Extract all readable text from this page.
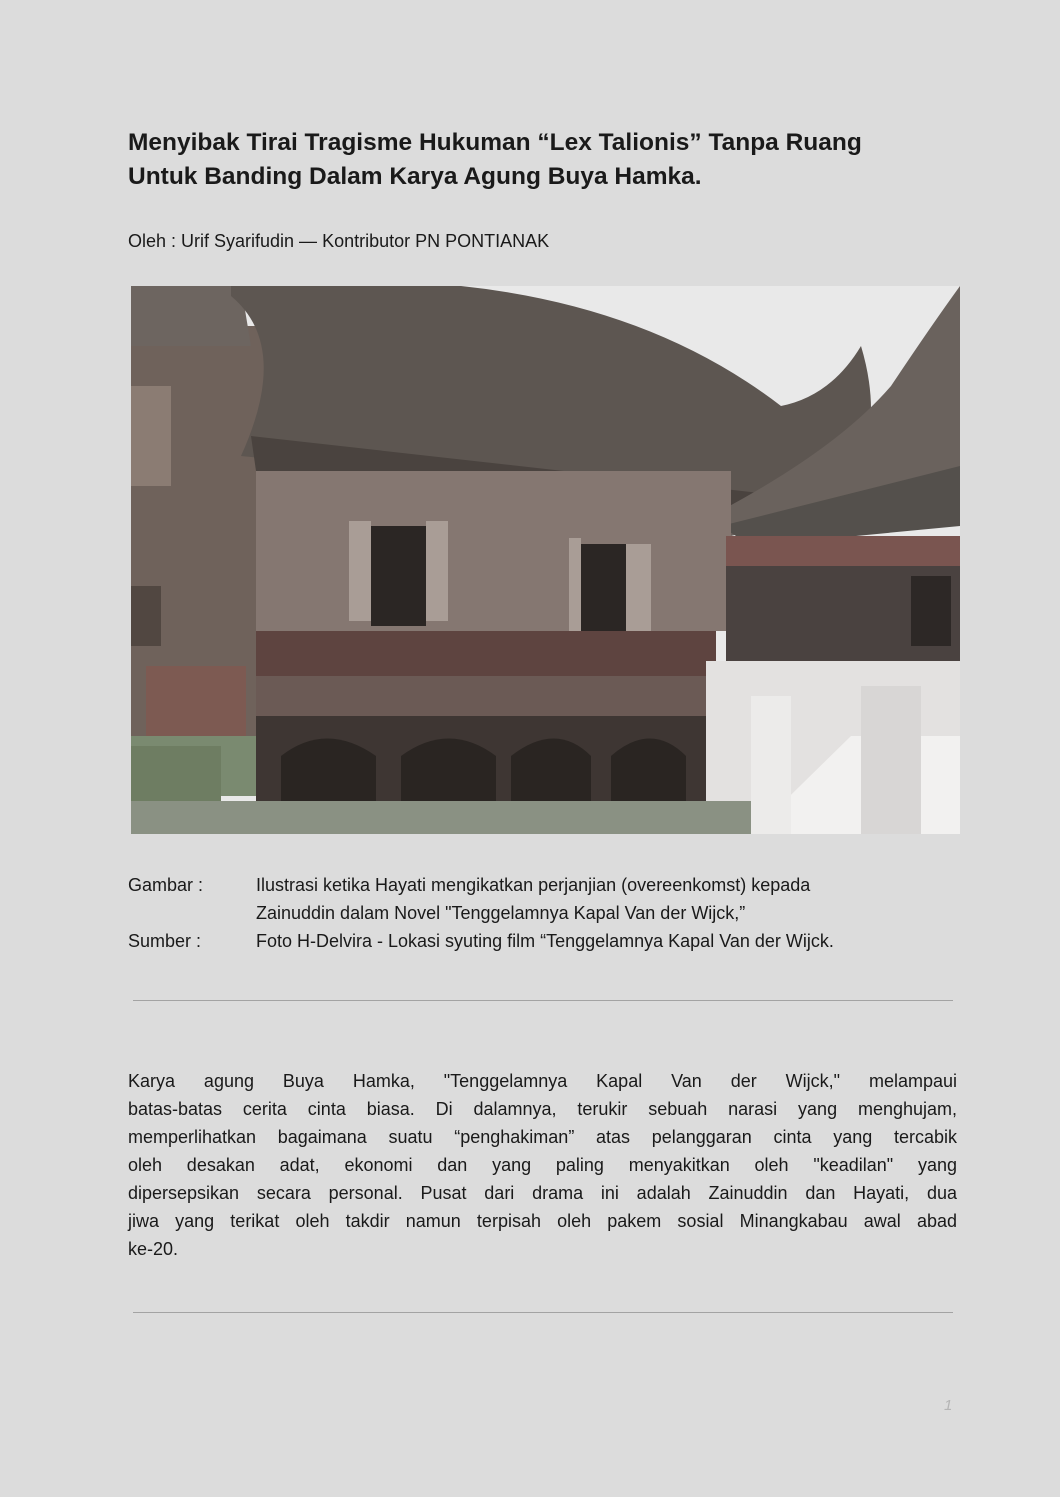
Menyibak Tirai Tragisme Hukuman “Lex Talionis” Tanpa Ruang
Untuk Banding Dalam Karya Agung Buya Hamka.
Oleh : Urif Syarifudin — Kontributor PN PONTIANAK
Gambar :	Ilustrasi ketika Hayati mengikatkan perjanjian (overeenkomst) kepada
Zainuddin dalam Novel "Tenggelamnya Kapal Van der Wijck,”
Sumber :	Foto H-Delvira - Lokasi syuting film “Tenggelamnya Kapal Van der Wijck.

Karya agung Buya Hamka, "Tenggelamnya Kapal Van der Wijck," melampaui
batas-batas cerita cinta biasa. Di dalamnya, terukir sebuah narasi yang menghujam,
memperlihatkan bagaimana suatu “penghakiman” atas pelanggaran cinta yang tercabik
oleh desakan adat, ekonomi dan yang paling menyakitkan oleh "keadilan" yang
dipersepsikan secara personal. Pusat dari drama ini adalah Zainuddin dan Hayati, dua
jiwa yang terikat oleh takdir namun terpisah oleh pakem sosial Minangkabau awal abad
ke-20.

1
